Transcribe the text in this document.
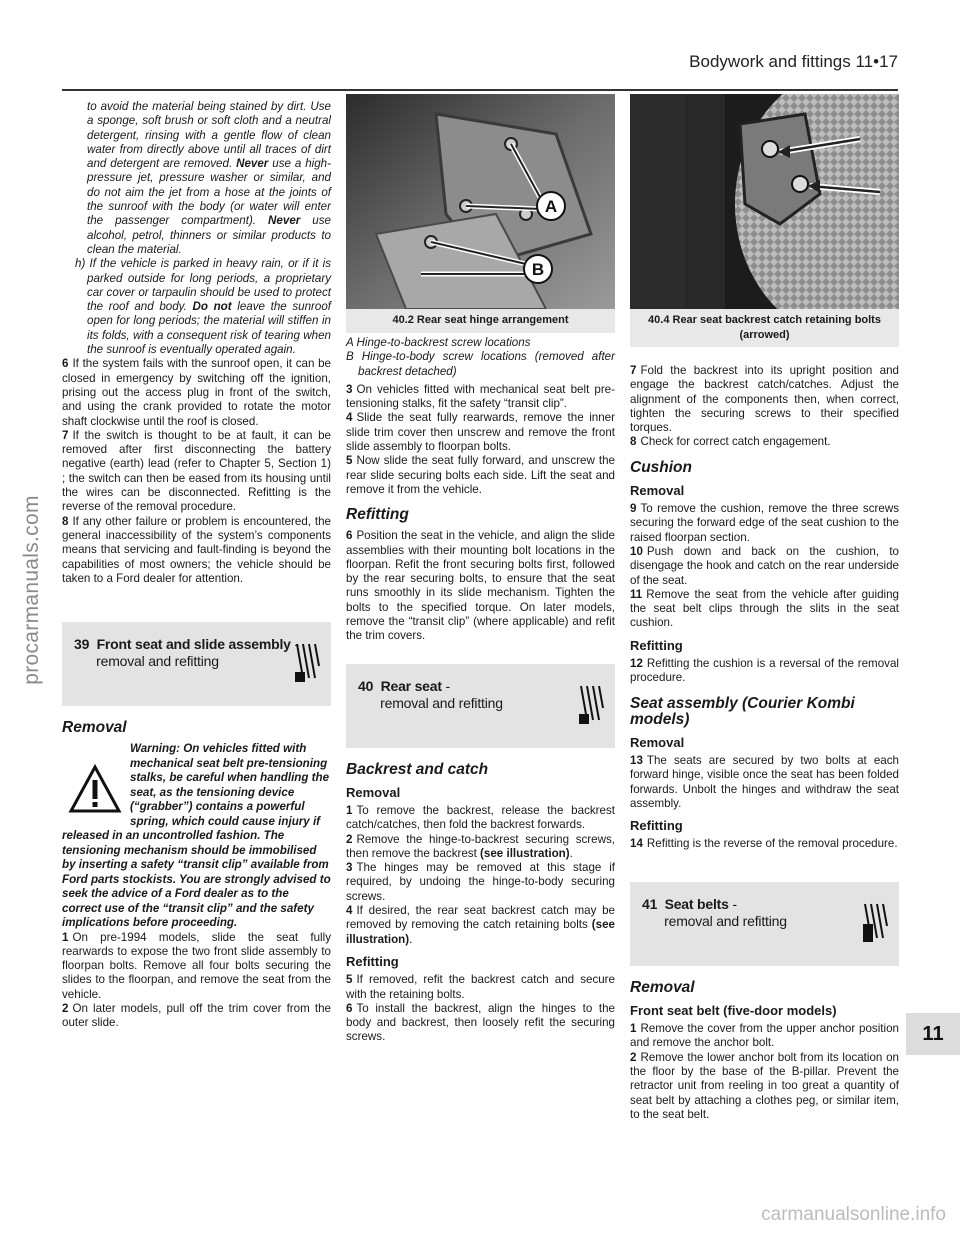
Bodywork and fittings 11•17
procarmanuals.com
carmanualsonline.info
11

to avoid the material being stained by dirt. Use a sponge, soft brush or soft cloth and a neutral detergent, rinsing with a gentle flow of clean water from directly above until all traces of dirt and detergent are removed. Never use a high-pressure jet, pressure washer or similar, and do not aim the jet from a hose at the joints of the sunroof with the body (or water will enter the passenger compartment). Never use alcohol, petrol, thinners or similar products to clean the material.

h) If the vehicle is parked in heavy rain, or if it is parked outside for long periods, a proprietary car cover or tarpaulin should be used to protect the roof and body. Do not leave the sunroof open for long periods; the material will stiffen in its folds, with a consequent risk of tearing when the sunroof is eventually operated again.

6 If the system fails with the sunroof open, it can be closed in emergency by switching off the ignition, prising out the access plug in front of the switch, and using the crank provided to rotate the motor shaft clockwise until the roof is closed.

7 If the switch is thought to be at fault, it can be removed after first disconnecting the battery negative (earth) lead (refer to Chapter 5, Section 1) ; the switch can then be eased from its housing until the wires can be disconnected. Refitting is the reverse of the removal procedure.

8 If any other failure or problem is encountered, the general inaccessibility of the system’s components means that servicing and fault-finding is beyond the capabilities of most owners; the vehicle should be taken to a Ford dealer for attention.

39 Front seat and slide assembly -
removal and refitting
Removal

Warning: On vehicles fitted with mechanical seat belt pre-tensioning stalks, be careful when handling the seat, as the tensioning device (“grabber”) contains a powerful spring, which could cause injury if released in an uncontrolled fashion. The tensioning mechanism should be immobilised by inserting a safety “transit clip” available from Ford parts stockists. You are strongly advised to seek the advice of a Ford dealer as to the correct use of the “transit clip” and the safety implications before proceeding.

1 On pre-1994 models, slide the seat fully rearwards to expose the two front slide assembly to floorpan bolts. Remove all four bolts securing the slides to the floorpan, and remove the seat from the vehicle.

2 On later models, pull off the trim cover from the outer slide.

A
B
40.2 Rear seat hinge arrangement	40.4 Rear seat backrest catch retaining bolts (arrowed)

A Hinge-to-backrest screw locations

B Hinge-to-body screw locations (removed after backrest detached)

3 On vehicles fitted with mechanical seat belt pre-tensioning stalks, fit the safety “transit clip”.

4 Slide the seat fully rearwards, remove the inner slide trim cover then unscrew and remove the front slide assembly to floorpan bolts.

5 Now slide the seat fully forward, and unscrew the rear slide securing bolts each side. Lift the seat and remove it from the vehicle.

Refitting

6 Position the seat in the vehicle, and align the slide assemblies with their mounting bolt locations in the floorpan. Refit the front securing bolts first, followed by the rear securing bolts, to ensure that the seat runs smoothly in its slide mechanism. Tighten the bolts to the specified torque. On later models, remove the “transit clip” (where applicable) and refit the trim covers.

40 Rear seat -
removal and refitting
Backrest and catch
Removal

1 To remove the backrest, release the backrest catch/catches, then fold the backrest forwards.

2 Remove the hinge-to-backrest securing screws, then remove the backrest (see illustration).

3 The hinges may be removed at this stage if required, by undoing the hinge-to-body securing screws.

4 If desired, the rear seat backrest catch may be removed by removing the catch retaining bolts (see illustration).

Refitting

5 If removed, refit the backrest catch and secure with the retaining bolts.

6 To install the backrest, align the hinges to the body and backrest, then loosely refit the securing screws.

7 Fold the backrest into its upright position and engage the backrest catch/catches. Adjust the alignment of the components then, when correct, tighten the securing screws to their specified torques.

8 Check for correct catch engagement.

Cushion
Removal

9 To remove the cushion, remove the three screws securing the forward edge of the seat cushion to the raised floorpan section.

10 Push down and back on the cushion, to disengage the hook and catch on the rear underside of the seat.

11 Remove the seat from the vehicle after guiding the seat belt clips through the slits in the seat cushion.

Refitting

12 Refitting the cushion is a reversal of the removal procedure.

Seat assembly (Courier Kombi models)
Removal

13 The seats are secured by two bolts at each forward hinge, visible once the seat has been folded forwards. Unbolt the hinges and withdraw the seat assembly.

Refitting

14 Refitting is the reverse of the removal procedure.

41 Seat belts -
removal and refitting
Removal
Front seat belt (five-door models)

1 Remove the cover from the upper anchor position and remove the anchor bolt.

2 Remove the lower anchor bolt from its location on the floor by the base of the B-pillar. Prevent the retractor unit from reeling in too great a quantity of seat belt by attaching a clothes peg, or similar item, to the seat belt.
